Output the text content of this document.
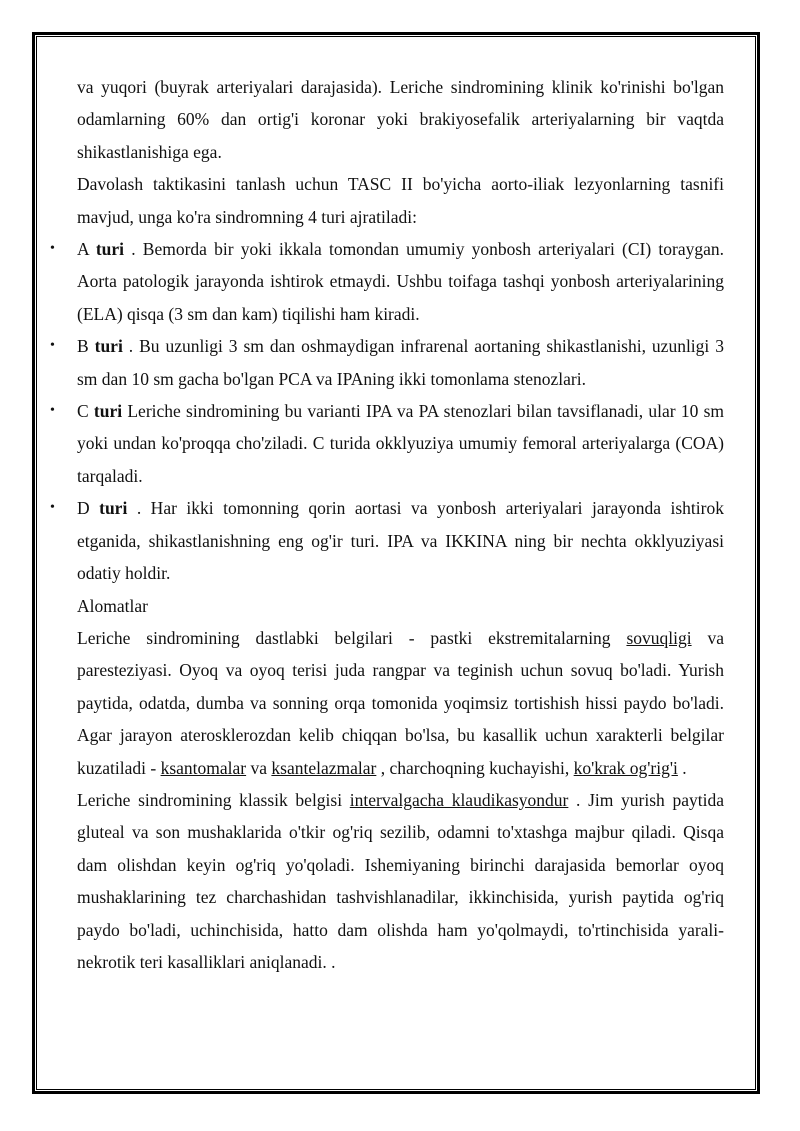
va yuqori (buyrak arteriyalari darajasida). Leriche sindromining klinik ko'rinishi bo'lgan odamlarning 60% dan ortig'i koronar yoki brakiyosefalik arteriyalarning bir vaqtda shikastlanishiga ega.

Davolash taktikasini tanlash uchun TASC II bo'yicha aorto-iliak lezyonlarning tasnifi mavjud, unga ko'ra sindromning 4 turi ajratiladi:

• A turi . Bemorda bir yoki ikkala tomondan umumiy yonbosh arteriyalari (CI) toraygan. Aorta patologik jarayonda ishtirok etmaydi. Ushbu toifaga tashqi yonbosh arteriyalarining (ELA) qisqa (3 sm dan kam) tiqilishi ham kiradi.

• B turi . Bu uzunligi 3 sm dan oshmaydigan infrarenal aortaning shikastlanishi, uzunligi 3 sm dan 10 sm gacha bo'lgan PCA va IPAning ikki tomonlama stenozlari.

• C turi Leriche sindromining bu varianti IPA va PA stenozlari bilan tavsiflanadi, ular 10 sm yoki undan ko'proqqa cho'ziladi. C turida okklyuziya umumiy femoral arteriyalarga (COA) tarqaladi.

• D turi . Har ikki tomonning qorin aortasi va yonbosh arteriyalari jarayonda ishtirok etganida, shikastlanishning eng og'ir turi. IPA va IKKINA ning bir nechta okklyuziyasi odatiy holdir.

Alomatlar

Leriche sindromining dastlabki belgilari - pastki ekstremitalarning sovuqligi va paresteziyasi. Oyoq va oyoq terisi juda rangpar va teginish uchun sovuq bo'ladi. Yurish paytida, odatda, dumba va sonning orqa tomonida yoqimsiz tortishish hissi paydo bo'ladi. Agar jarayon aterosklerozdan kelib chiqqan bo'lsa, bu kasallik uchun xarakterli belgilar kuzatiladi - ksantomalar va ksantelazmalar , charchoqning kuchayishi, ko'krak og'rig'i .

Leriche sindromining klassik belgisi intervalgacha klaudikasyondur . Jim yurish paytida gluteal va son mushaklarida o'tkir og'riq sezilib, odamni to'xtashga majbur qiladi. Qisqa dam olishdan keyin og'riq yo'qoladi. Ishemiyaning birinchi darajasida bemorlar oyoq mushaklarining tez charchashidan tashvishlanadilar, ikkinchisida, yurish paytida og'riq paydo bo'ladi, uchinchisida, hatto dam olishda ham yo'qolmaydi, to'rtinchisida yarali-nekrotik teri kasalliklari aniqlanadi. .
